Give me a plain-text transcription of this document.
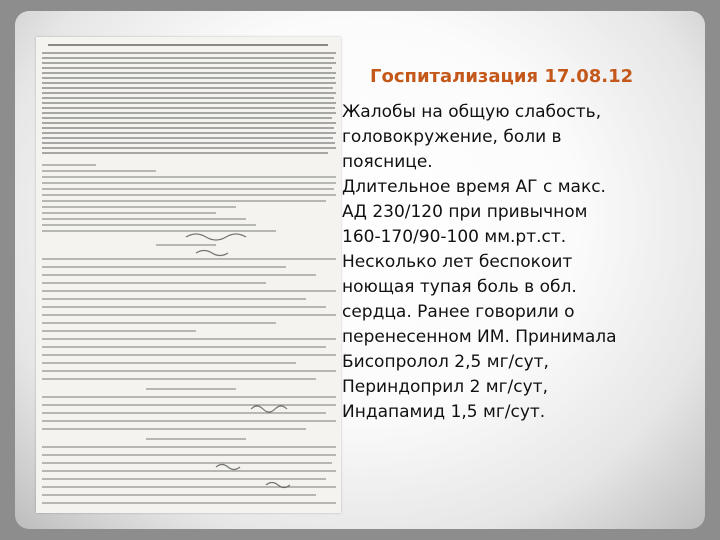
Госпитализация 17.08.12

Жалобы на общую слабость,
головокружение, боли в
пояснице.
Длительное время АГ с макс.
АД 230/120 при привычном
160-170/90-100 мм.рт.ст.
Несколько лет беспокоит
ноющая тупая боль в обл.
сердца. Ранее говорили о
перенесенном ИМ. Принимала
Бисопролол 2,5 мг/сут,
Периндоприл 2 мг/сут,
Индапамид 1,5 мг/сут.
